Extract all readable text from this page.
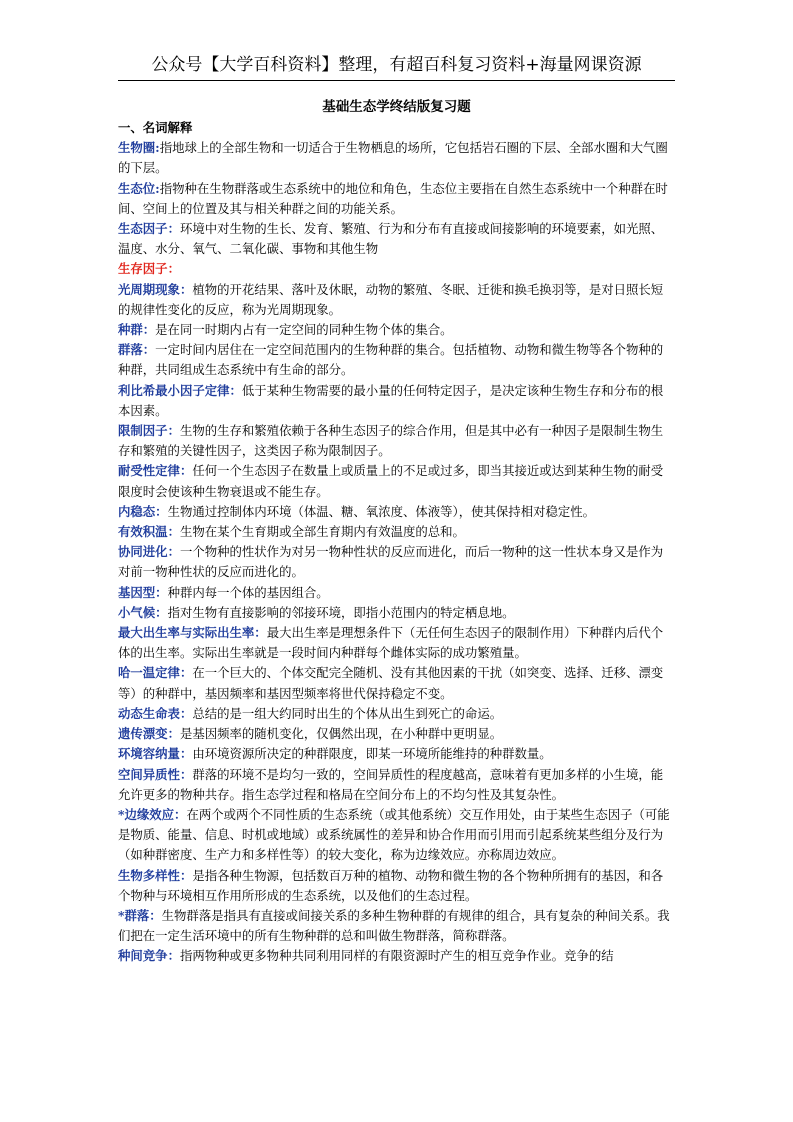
公众号【大学百科资料】整理，有超百科复习资料+海量网课资源
基础生态学终结版复习题
一、名词解释
生物圈:指地球上的全部生物和一切适合于生物栖息的场所，它包括岩石圈的下层、全部水圈和大气圈的下层。
生态位:指物种在生物群落或生态系统中的地位和角色，生态位主要指在自然生态系统中一个种群在时间、空间上的位置及其与相关种群之间的功能关系。
生态因子：环境中对生物的生长、发育、繁殖、行为和分布有直接或间接影响的环境要素，如光照、温度、水分、氧气、二氧化碳、事物和其他生物
生存因子：
光周期现象：植物的开花结果、落叶及休眠，动物的繁殖、冬眠、迁徙和换毛换羽等，是对日照长短的规律性变化的反应，称为光周期现象。
种群：是在同一时期内占有一定空间的同种生物个体的集合。
群落：一定时间内居住在一定空间范围内的生物种群的集合。包括植物、动物和微生物等各个物种的种群，共同组成生态系统中有生命的部分。
利比希最小因子定律：低于某种生物需要的最小量的任何特定因子，是决定该种生物生存和分布的根本因素。
限制因子：生物的生存和繁殖依赖于各种生态因子的综合作用，但是其中必有一种因子是限制生物生存和繁殖的关键性因子，这类因子称为限制因子。
耐受性定律：任何一个生态因子在数量上或质量上的不足或过多，即当其接近或达到某种生物的耐受限度时会使该种生物衰退或不能生存。
内稳态：生物通过控制体内环境（体温、糖、氧浓度、体液等），使其保持相对稳定性。
有效积温：生物在某个生育期或全部生育期内有效温度的总和。
协同进化：一个物种的性状作为对另一物种性状的反应而进化，而后一物种的这一性状本身又是作为对前一物种性状的反应而进化的。
基因型：种群内每一个体的基因组合。
小气候：指对生物有直接影响的邻接环境，即指小范围内的特定栖息地。
最大出生率与实际出生率：最大出生率是理想条件下（无任何生态因子的限制作用）下种群内后代个体的出生率。实际出生率就是一段时间内种群每个雌体实际的成功繁殖量。
哈一温定律：在一个巨大的、个体交配完全随机、没有其他因素的干扰（如突变、选择、迁移、漂变等）的种群中，基因频率和基因型频率将世代保持稳定不变。
动态生命表：总结的是一组大约同时出生的个体从出生到死亡的命运。
遗传漂变：是基因频率的随机变化，仅偶然出现，在小种群中更明显。
环境容纳量：由环境资源所决定的种群限度，即某一环境所能维持的种群数量。
空间异质性：群落的环境不是均匀一致的，空间异质性的程度越高，意味着有更加多样的小生境，能允许更多的物种共存。指生态学过程和格局在空间分布上的不均匀性及其复杂性。
*边缘效应：在两个或两个不同性质的生态系统（或其他系统）交互作用处，由于某些生态因子（可能是物质、能量、信息、时机或地域）或系统属性的差异和协合作用而引用而引起系统某些组分及行为（如种群密度、生产力和多样性等）的较大变化，称为边缘效应。亦称周边效应。
生物多样性：是指各种生物源，包括数百万种的植物、动物和微生物的各个物种所拥有的基因，和各个物种与环境相互作用所形成的生态系统，以及他们的生态过程。
*群落：生物群落是指具有直接或间接关系的多种生物种群的有规律的组合，具有复杂的种间关系。我们把在一定生活环境中的所有生物种群的总和叫做生物群落，简称群落。
种间竞争：指两物种或更多物种共同利用同样的有限资源时产生的相互竞争作业。竞争的结
